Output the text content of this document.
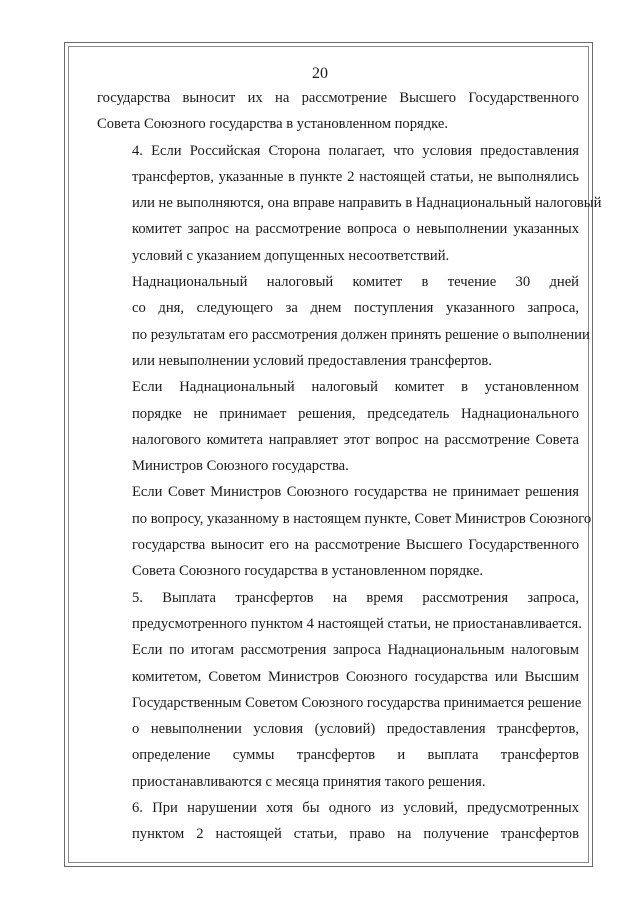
20

государства выносит их на рассмотрение Высшего Государственного
Совета Союзного государства в установленном порядке.

4. Если Российская Сторона полагает, что условия предоставления
трансфертов, указанные в пункте 2 настоящей статьи, не выполнялись
или не выполняются, она вправе направить в Наднациональный налоговый
комитет запрос на рассмотрение вопроса о невыполнении указанных
условий с указанием допущенных несоответствий.

Наднациональный налоговый комитет в течение 30 дней
со дня, следующего за днем поступления указанного запроса,
по результатам его рассмотрения должен принять решение о выполнении
или невыполнении условий предоставления трансфертов.

Если Наднациональный налоговый комитет в установленном
порядке не принимает решения, председатель Наднационального
налогового комитета направляет этот вопрос на рассмотрение Совета
Министров Союзного государства.

Если Совет Министров Союзного государства не принимает решения
по вопросу, указанному в настоящем пункте, Совет Министров Союзного
государства выносит его на рассмотрение Высшего Государственного
Совета Союзного государства в установленном порядке.

5. Выплата трансфертов на время рассмотрения запроса,
предусмотренного пунктом 4 настоящей статьи, не приостанавливается.

Если по итогам рассмотрения запроса Наднациональным налоговым
комитетом, Советом Министров Союзного государства или Высшим
Государственным Советом Союзного государства принимается решение
о невыполнении условия (условий) предоставления трансфертов,
определение суммы трансфертов и выплата трансфертов
приостанавливаются с месяца принятия такого решения.

6. При нарушении хотя бы одного из условий, предусмотренных
пунктом 2 настоящей статьи, право на получение трансфертов
